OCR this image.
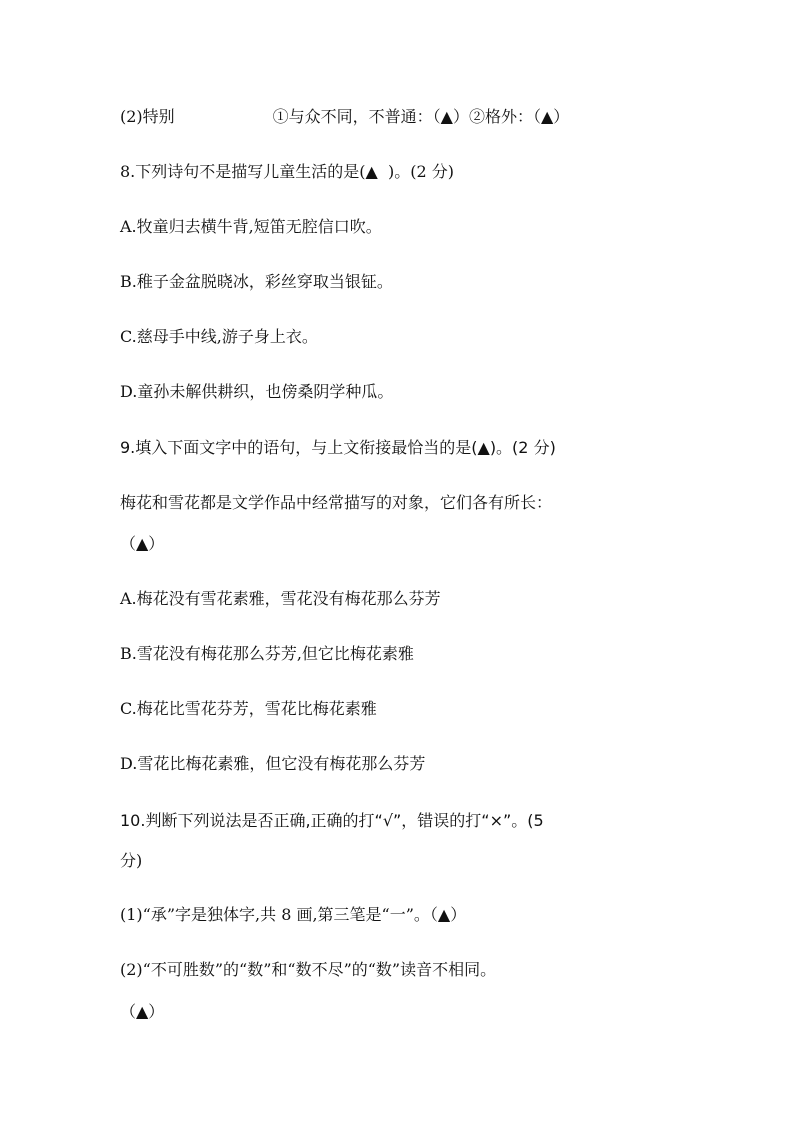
(2)特别	①与众不同，不普通：（▲）②格外：（▲）
8.下列诗句不是描写儿童生活的是(▲  )。(2 分)
A.牧童归去横牛背,短笛无腔信口吹。
B.稚子金盆脱晓冰，彩丝穿取当银钲。
C.慈母手中线,游子身上衣。
D.童孙未解供耕织，也傍桑阴学种瓜。
9.填入下面文字中的语句，与上文衔接最恰当的是(▲)。(2 分)
梅花和雪花都是文学作品中经常描写的对象，它们各有所长：
（▲）
A.梅花没有雪花素雅，雪花没有梅花那么芬芳
B.雪花没有梅花那么芬芳,但它比梅花素雅
C.梅花比雪花芬芳，雪花比梅花素雅
D.雪花比梅花素雅，但它没有梅花那么芬芳
10.判断下列说法是否正确,正确的打“√”，错误的打“×”。(5
分)
(1)“承”字是独体字,共 8 画,第三笔是“一”。（▲）
(2)“不可胜数”的“数”和“数不尽”的“数”读音不相同。
（▲）
